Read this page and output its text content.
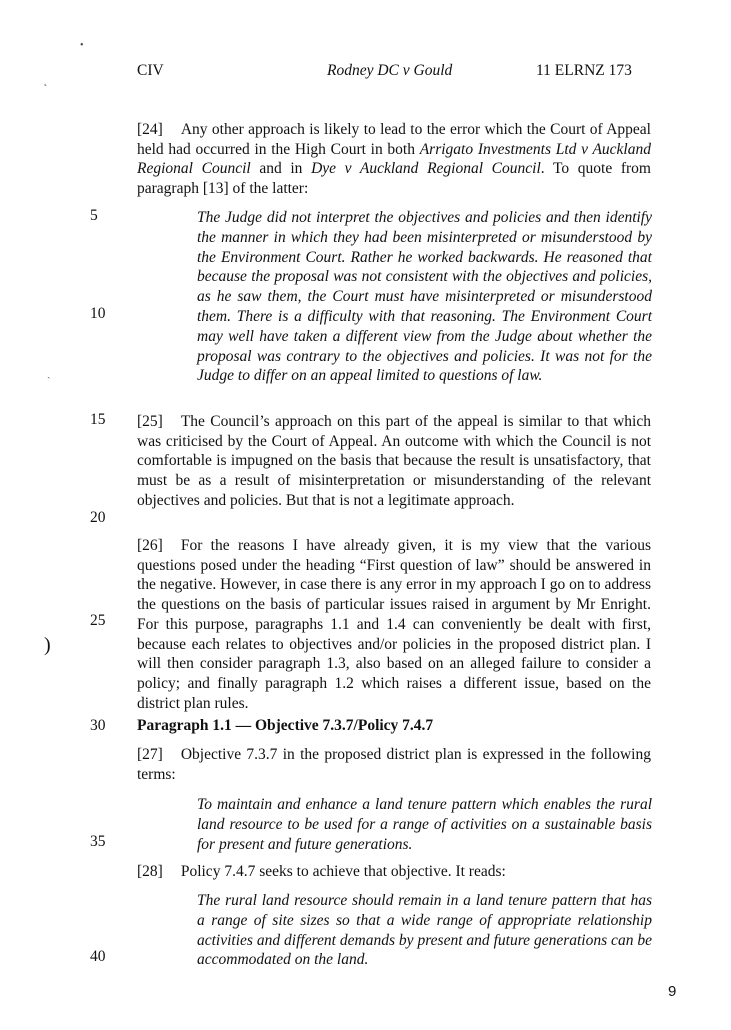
•
˛
ˏ
)
CIV	Rodney DC v Gould	11 ELRNZ 173
5
10
15
20
25
30
35
40
[24] Any other approach is likely to lead to the error which the Court of Appeal held had occurred in the High Court in both Arrigato Investments Ltd v Auckland Regional Council and in Dye v Auckland Regional Council. To quote from paragraph [13] of the latter:
The Judge did not interpret the objectives and policies and then identify the manner in which they had been misinterpreted or misunderstood by the Environment Court. Rather he worked backwards. He reasoned that because the proposal was not consistent with the objectives and policies, as he saw them, the Court must have misinterpreted or misunderstood them. There is a difficulty with that reasoning. The Environment Court may well have taken a different view from the Judge about whether the proposal was contrary to the objectives and policies. It was not for the Judge to differ on an appeal limited to questions of law.
[25] The Council’s approach on this part of the appeal is similar to that which was criticised by the Court of Appeal. An outcome with which the Council is not comfortable is impugned on the basis that because the result is unsatisfactory, that must be as a result of misinterpretation or misunderstanding of the relevant objectives and policies. But that is not a legitimate approach.
[26] For the reasons I have already given, it is my view that the various questions posed under the heading “First question of law” should be answered in the negative. However, in case there is any error in my approach I go on to address the questions on the basis of particular issues raised in argument by Mr Enright. For this purpose, paragraphs 1.1 and 1.4 can conveniently be dealt with first, because each relates to objectives and/or policies in the proposed district plan. I will then consider paragraph 1.3, also based on an alleged failure to consider a policy; and finally paragraph 1.2 which raises a different issue, based on the district plan rules.
Paragraph 1.1 — Objective 7.3.7/Policy 7.4.7
[27] Objective 7.3.7 in the proposed district plan is expressed in the following terms:
To maintain and enhance a land tenure pattern which enables the rural land resource to be used for a range of activities on a sustainable basis for present and future generations.
[28] Policy 7.4.7 seeks to achieve that objective. It reads:
The rural land resource should remain in a land tenure pattern that has a range of site sizes so that a wide range of appropriate relationship activities and different demands by present and future generations can be accommodated on the land.
9
